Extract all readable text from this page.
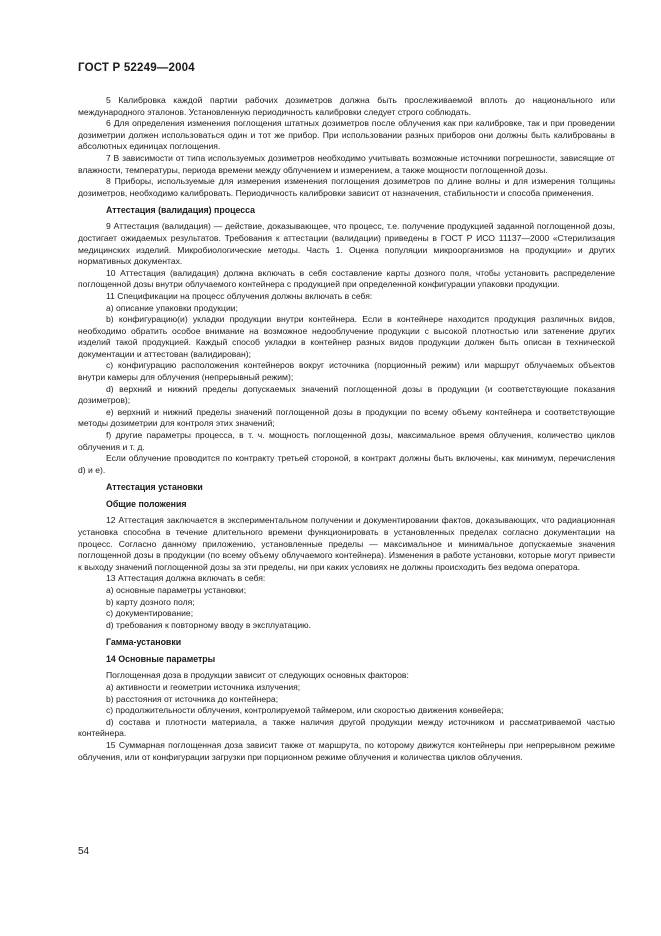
ГОСТ Р 52249—2004

5 Калибровка каждой партии рабочих дозиметров должна быть прослеживаемой вплоть до национального или международного эталонов. Установленную периодичность калибровки следует строго соблюдать.

6 Для определения изменения поглощения штатных дозиметров после облучения как при калибровке, так и при проведении дозиметрии должен использоваться один и тот же прибор. При использовании разных приборов они должны быть калиброваны в абсолютных единицах поглощения.

7 В зависимости от типа используемых дозиметров необходимо учитывать возможные источники погрешности, зависящие от влажности, температуры, периода времени между облучением и измерением, а также мощности поглощенной дозы.

8 Приборы, используемые для измерения изменения поглощения дозиметров по длине волны и для измерения толщины дозиметров, необходимо калибровать. Периодичность калибровки зависит от назначения, стабильности и способа применения.

Аттестация (валидация) процесса

9 Аттестация (валидация) — действие, доказывающее, что процесс, т.е. получение продукцией заданной поглощенной дозы, достигает ожидаемых результатов. Требования к аттестации (валидации) приведены в ГОСТ Р ИСО 11137—2000 «Стерилизация медицинских изделий. Микробиологические методы. Часть 1. Оценка популяции микроорганизмов на продукции» и других нормативных документах.

10 Аттестация (валидация) должна включать в себя составление карты дозного поля, чтобы установить распределение поглощенной дозы внутри облучаемого контейнера с продукцией при определенной конфигурации упаковки продукции.

11 Спецификации на процесс облучения должны включать в себя:

a) описание упаковки продукции;

b) конфигурацию(и) укладки продукции внутри контейнера. Если в контейнере находится продукция различных видов, необходимо обратить особое внимание на возможное недооблучение продукции с высокой плотностью или затенение других изделий такой продукцией. Каждый способ укладки в контейнер разных видов продукции должен быть описан в технической документации и аттестован (валидирован);

c) конфигурацию расположения контейнеров вокруг источника (порционный режим) или маршрут облучаемых объектов внутри камеры для облучения (непрерывный режим);

d) верхний и нижний пределы допускаемых значений поглощенной дозы в продукции (и соответствующие показания дозиметров);

e) верхний и нижний пределы значений поглощенной дозы в продукции по всему объему контейнера и соответствующие методы дозиметрии для контроля этих значений;

f) другие параметры процесса, в т. ч. мощность поглощенной дозы, максимальное время облучения, количество циклов облучения и т. д.

Если облучение проводится по контракту третьей стороной, в контракт должны быть включены, как минимум, перечисления d) и e).

Аттестация установки
Общие положения

12 Аттестация заключается в экспериментальном получении и документировании фактов, доказывающих, что радиационная установка способна в течение длительного времени функционировать в установленных пределах согласно документации на процесс. Согласно данному приложению, установленные пределы — максимальное и минимальное допускаемые значения поглощенной дозы в продукции (по всему объему облучаемого контейнера). Изменения в работе установки, которые могут привести к выходу значений поглощенной дозы за эти пределы, ни при каких условиях не должны происходить без ведома оператора.

13 Аттестация должна включать в себя:

a) основные параметры установки;

b) карту дозного поля;

c) документирование;

d) требования к повторному вводу в эксплуатацию.

Гамма-установки
14 Основные параметры

Поглощенная доза в продукции зависит от следующих основных факторов:

a) активности и геометрии источника излучения;

b) расстояния от источника до контейнера;

c) продолжительности облучения, контролируемой таймером, или скоростью движения конвейера;

d) состава и плотности материала, а также наличия другой продукции между источником и рассматриваемой частью контейнера.

15 Суммарная поглощенная доза зависит также от маршрута, по которому движутся контейнеры при непрерывном режиме облучения, или от конфигурации загрузки при порционном режиме облучения и количества циклов облучения.

54
